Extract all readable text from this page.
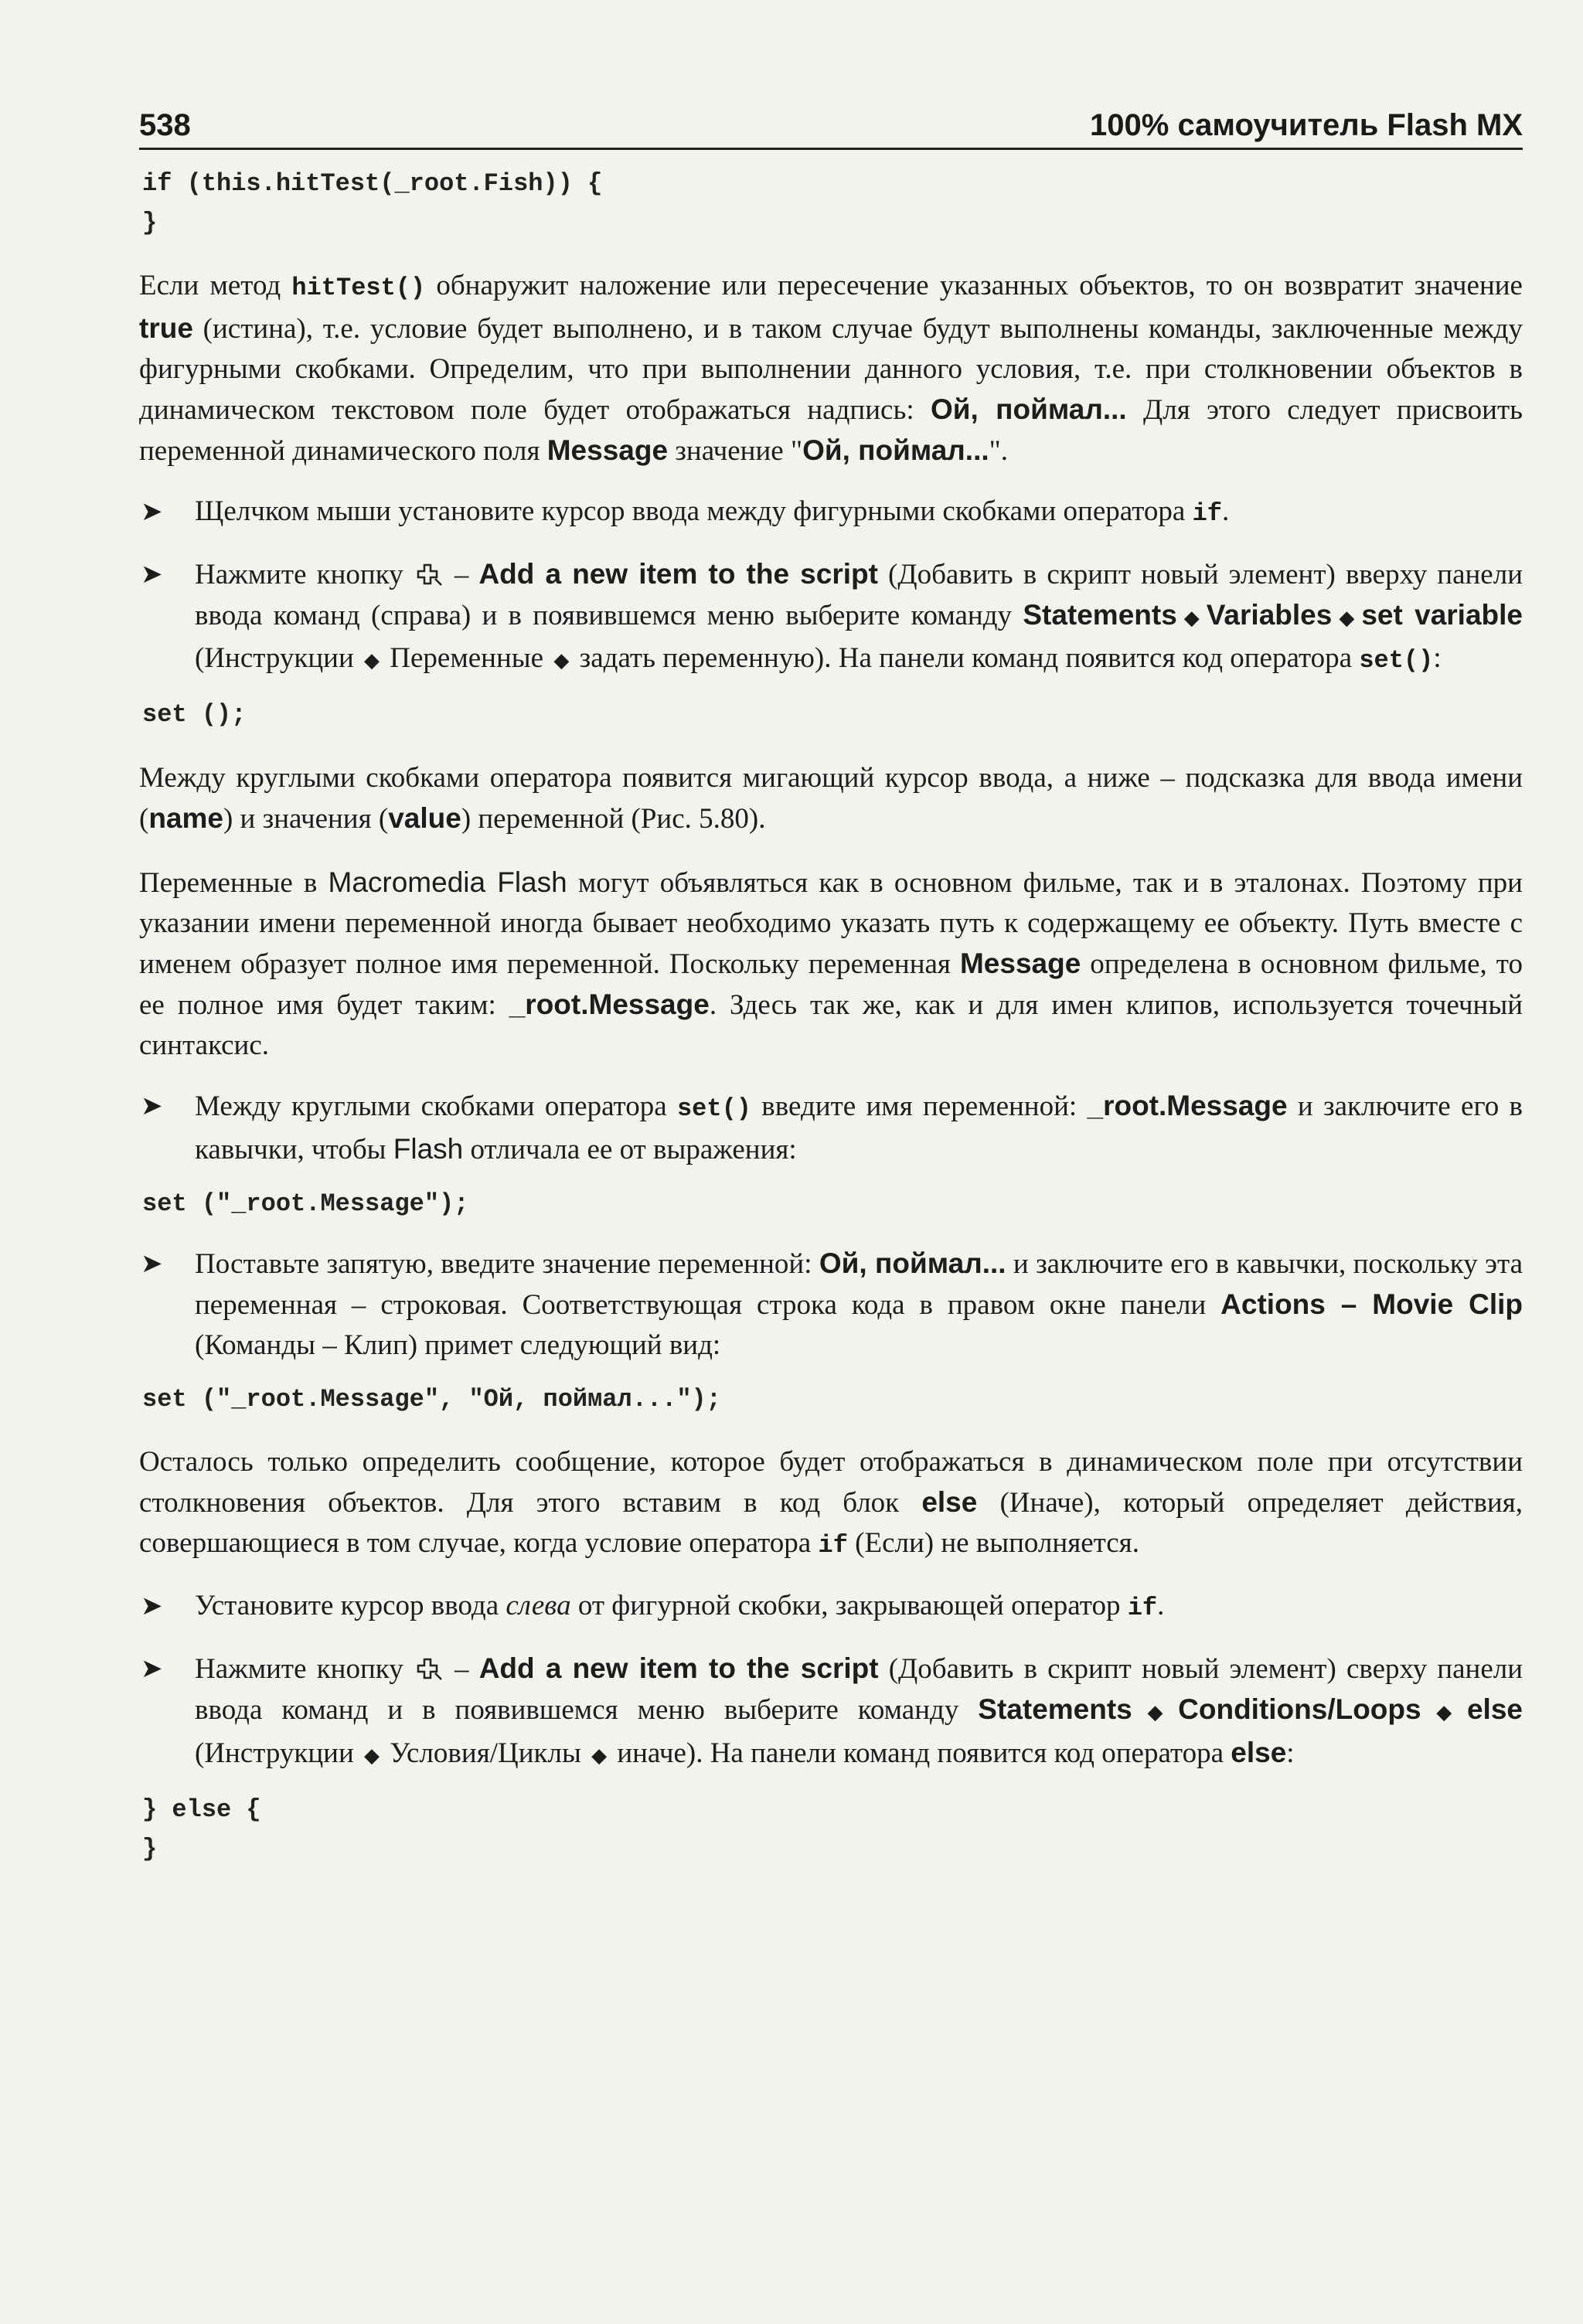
538	100% самоучитель Flash MX
if (this.hitTest(_root.Fish)) {
}

Если метод hitTest() обнаружит наложение или пересечение указанных объектов, то он возвратит значение true (истина), т.е. условие будет выполнено, и в таком случае будут выполнены команды, заключенные между фигурными скобками. Определим, что при выполнении данного условия, т.е. при столкновении объектов в динамическом текстовом поле будет отображаться надпись: Ой, поймал... Для этого следует присвоить переменной динамического поля Message значение "Ой, поймал...".

➤	Щелчком мыши установите курсор ввода между фигурными скобками оператора if.
➤	Нажмите кнопку  – Add a new item to the script (Добавить в скрипт новый элемент) вверху панели ввода команд (справа) и в появившемся меню выберите команду Statements ◆ Variables ◆ set variable (Инструкции ◆ Переменные ◆ задать переменную). На панели команд появится код оператора set():
set ();

Между круглыми скобками оператора появится мигающий курсор ввода, а ниже – подсказка для ввода имени (name) и значения (value) переменной (Рис. 5.80).

Переменные в Macromedia Flash могут объявляться как в основном фильме, так и в эталонах. Поэтому при указании имени переменной иногда бывает необходимо указать путь к содержащему ее объекту. Путь вместе с именем образует полное имя переменной. Поскольку переменная Message определена в основном фильме, то ее полное имя будет таким: _root.Message. Здесь так же, как и для имен клипов, используется точечный синтаксис.

➤	Между круглыми скобками оператора set() введите имя переменной: _root.Message и заключите его в кавычки, чтобы Flash отличала ее от выражения:
set ("_root.Message");
➤	Поставьте запятую, введите значение переменной: Ой, поймал... и заключите его в кавычки, поскольку эта переменная – строковая. Соответствующая строка кода в правом окне панели Actions – Movie Clip (Команды – Клип) примет следующий вид:
set ("_root.Message", "Ой, поймал...");

Осталось только определить сообщение, которое будет отображаться в динамическом поле при отсутствии столкновения объектов. Для этого вставим в код блок else (Иначе), который определяет действия, совершающиеся в том случае, когда условие оператора if (Если) не выполняется.

➤	Установите курсор ввода слева от фигурной скобки, закрывающей оператор if.
➤	Нажмите кнопку  – Add a new item to the script (Добавить в скрипт новый элемент) сверху панели ввода команд и в появившемся меню выберите команду Statements ◆ Conditions/Loops ◆ else (Инструкции ◆ Условия/Циклы ◆ иначе). На панели команд появится код оператора else:
} else {
}
